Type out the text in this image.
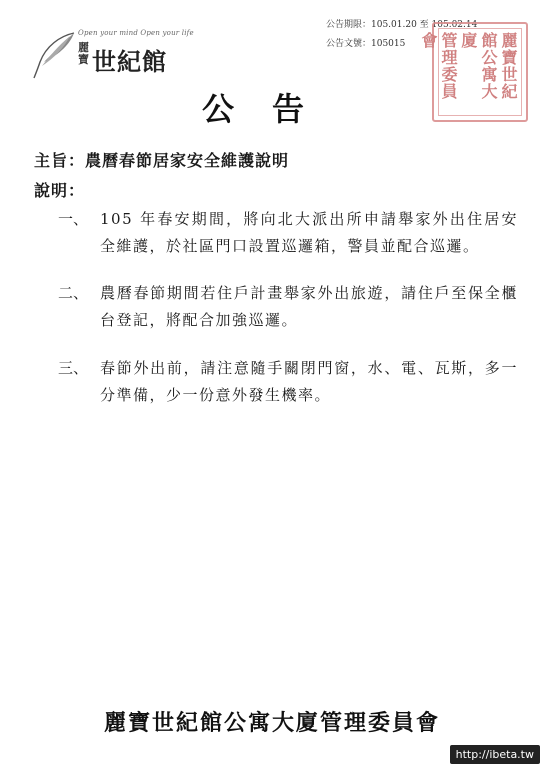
Open your mind Open your life
麗寶 世紀館
公告期限：105.01.20 至 105.02.14
公告文號：105015	麗寶世紀
館公寓大廈
管理委員會
公告
主旨：農曆春節居家安全維護說明
說明：
一、 105 年春安期間，將向北大派出所申請舉家外出住居安全維護，於社區門口設置巡邏箱，警員並配合巡邏。
二、 農曆春節期間若住戶計畫舉家外出旅遊，請住戶至保全櫃台登記，將配合加強巡邏。
三、 春節外出前，請注意隨手關閉門窗，水、電、瓦斯，多一分準備，少一份意外發生機率。
麗寶世紀館公寓大廈管理委員會
http://ibeta.tw
